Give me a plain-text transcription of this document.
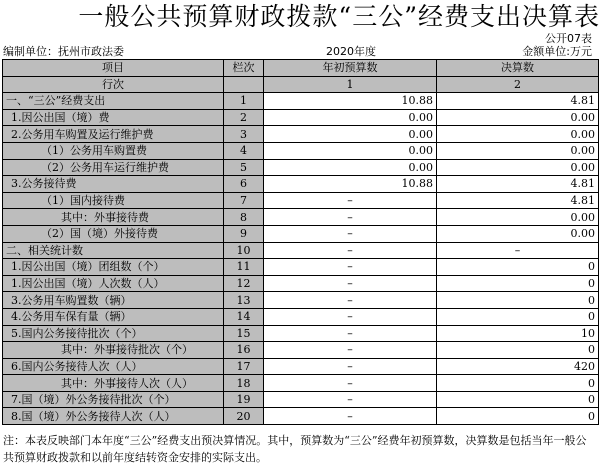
一般公共预算财政拨款“三公”经费支出决算表
公开07表
编制单位：抚州市政法委	2020年度	金额单位:万元
项目	栏次	年初预算数	决算数
行次		1	2
一、“三公”经费支出	1	10.88	4.81
1.因公出国（境）费	2	0.00	0.00
2.公务用车购置及运行维护费	3	0.00	0.00
（1）公务用车购置费	4	0.00	0.00
（2）公务用车运行维护费	5	0.00	0.00
3.公务接待费	6	10.88	4.81
（1）国内接待费	7	–	4.81
其中：外事接待费	8	–	0.00
（2）国（境）外接待费	9	–	0.00
二、相关统计数	10	–	–
1.因公出国（境）团组数（个）	11	–	0
1.因公出国（境）人次数（人）	12	–	0
3.公务用车购置数（辆）	13	–	0
4.公务用车保有量（辆）	14	–	0
5.国内公务接待批次（个）	15	–	10
其中：外事接待批次（个）	16	–	0
6.国内公务接待人次（人）	17	–	420
其中：外事接待人次（人）	18	–	0
7.国（境）外公务接待批次（个）	19	–	0
8.国（境）外公务接待人次（人）	20	–	0
注：本表反映部门本年度“三公”经费支出预决算情况。其中，预算数为“三公”经费年初预算数，决算数是包括当年一般公共预算财政拨款和以前年度结转资金安排的实际支出。
